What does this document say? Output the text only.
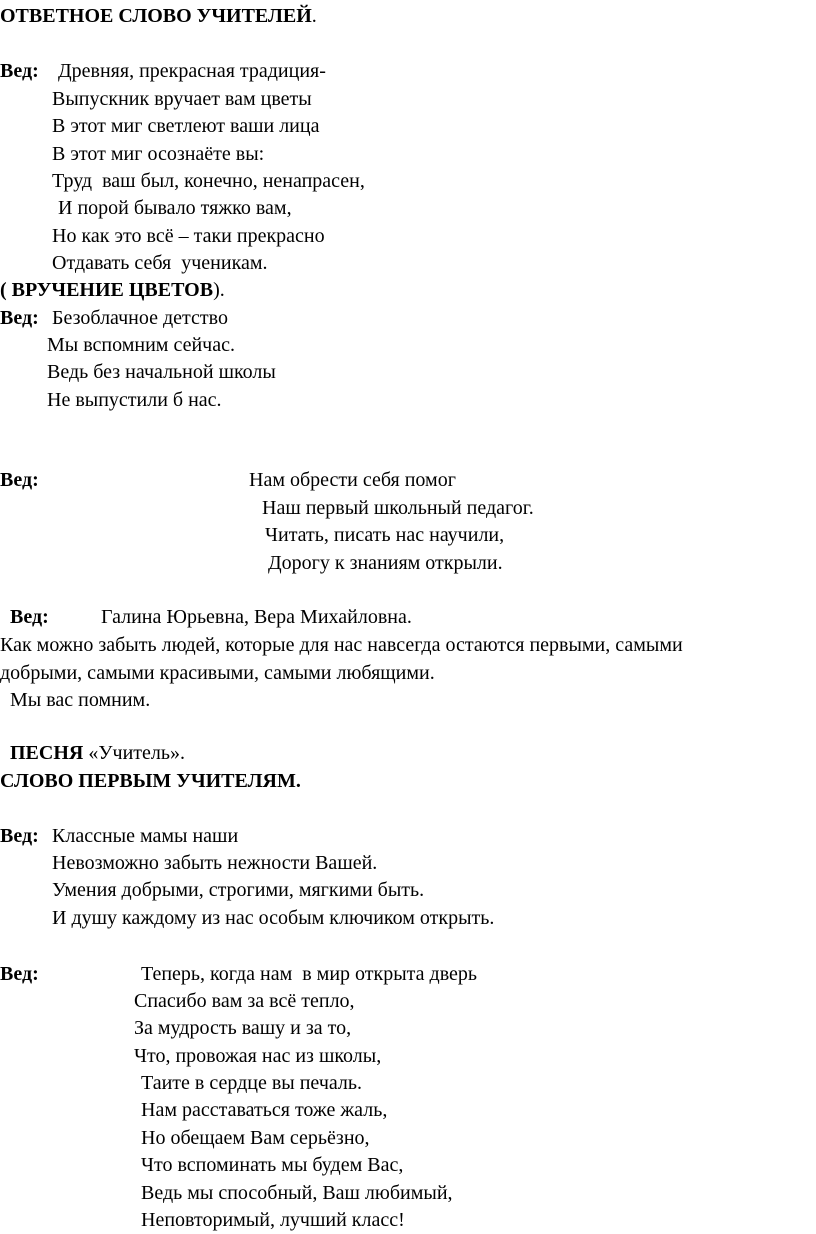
ОТВЕТНОЕ СЛОВО УЧИТЕЛЕЙ.
Вед: Древняя, прекрасная традиция-
Выпускник вручает вам цветы
В этот миг светлеют ваши лица
В этот миг осознаёте вы:
Труд  ваш был, конечно, ненапрасен,
И порой бывало тяжко вам,
Но как это всё – таки прекрасно
Отдавать себя  ученикам.
( ВРУЧЕНИЕ ЦВЕТОВ).
Вед: Безоблачное детство
Мы вспомним сейчас.
Ведь без начальной школы
Не выпустили б нас.
Вед:	Нам обрести себя помог
Наш первый школьный педагог.
Читать, писать нас научили,
Дорогу к знаниям открыли.
Вед:	Галина Юрьевна, Вера Михайловна.
Как можно забыть людей, которые для нас навсегда остаются первыми, самыми
добрыми, самыми красивыми, самыми любящими.
Мы вас помним.
ПЕСНЯ «Учитель».
СЛОВО ПЕРВЫМ УЧИТЕЛЯМ.
Вед: Классные мамы наши
Невозможно забыть нежности Вашей.
Умения добрыми, строгими, мягкими быть.
И душу каждому из нас особым ключиком открыть.
Вед:	Теперь, когда нам  в мир открыта дверь
Спасибо вам за всё тепло,
За мудрость вашу и за то,
Что, провожая нас из школы,
Таите в сердце вы печаль.
Нам расставаться тоже жаль,
Но обещаем Вам серьёзно,
Что вспоминать мы будем Вас,
Ведь мы способный, Ваш любимый,
Неповторимый, лучший класс!
